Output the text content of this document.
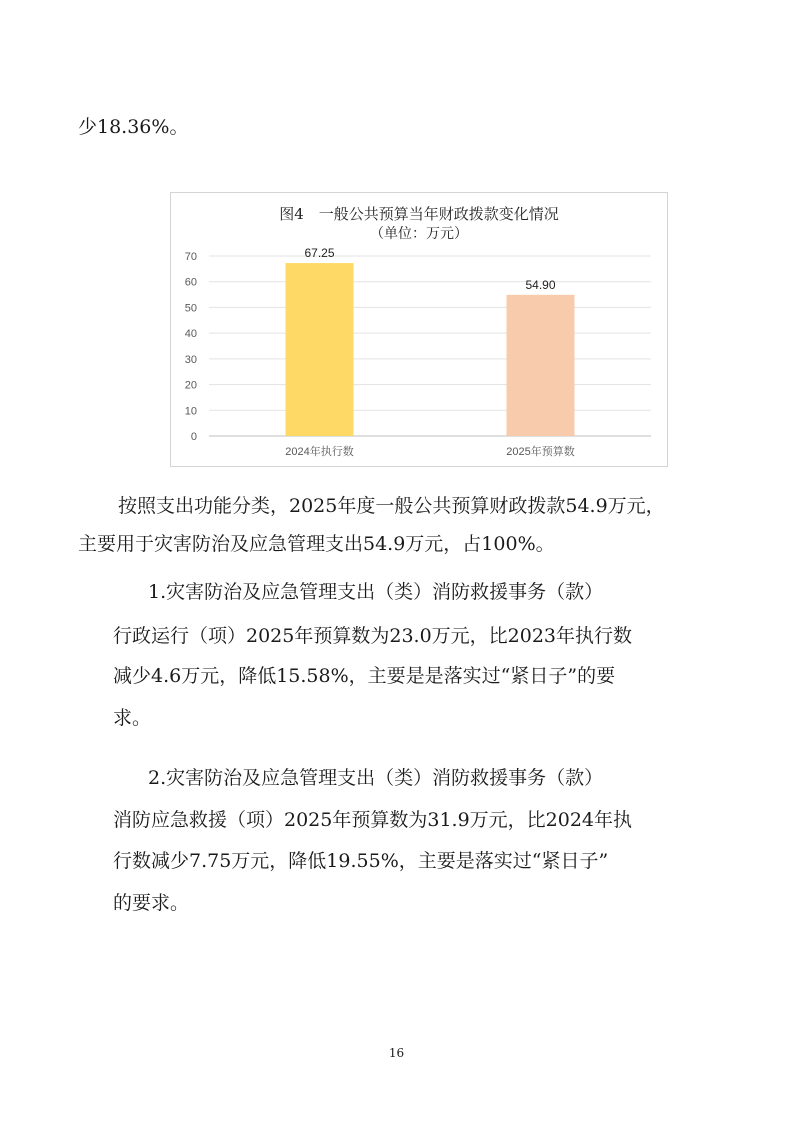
少18.36%。
图4　一般公共预算当年财政拨款变化情况
（单位：万元）
0
10
20
30
40
50
60
70	67.25
2024年执行数
54.90
2025年预算数
按照支出功能分类，2025年度一般公共预算财政拨款54.9万元，
主要用于灾害防治及应急管理支出54.9万元，占100%。
1.灾害防治及应急管理支出（类）消防救援事务（款）
行政运行（项）2025年预算数为23.0万元，比2023年执行数
减少4.6万元，降低15.58%，主要是是落实过“紧日子”的要
求。
2.灾害防治及应急管理支出（类）消防救援事务（款）
消防应急救援（项）2025年预算数为31.9万元，比2024年执
行数减少7.75万元，降低19.55%，主要是落实过“紧日子”
的要求。
16
